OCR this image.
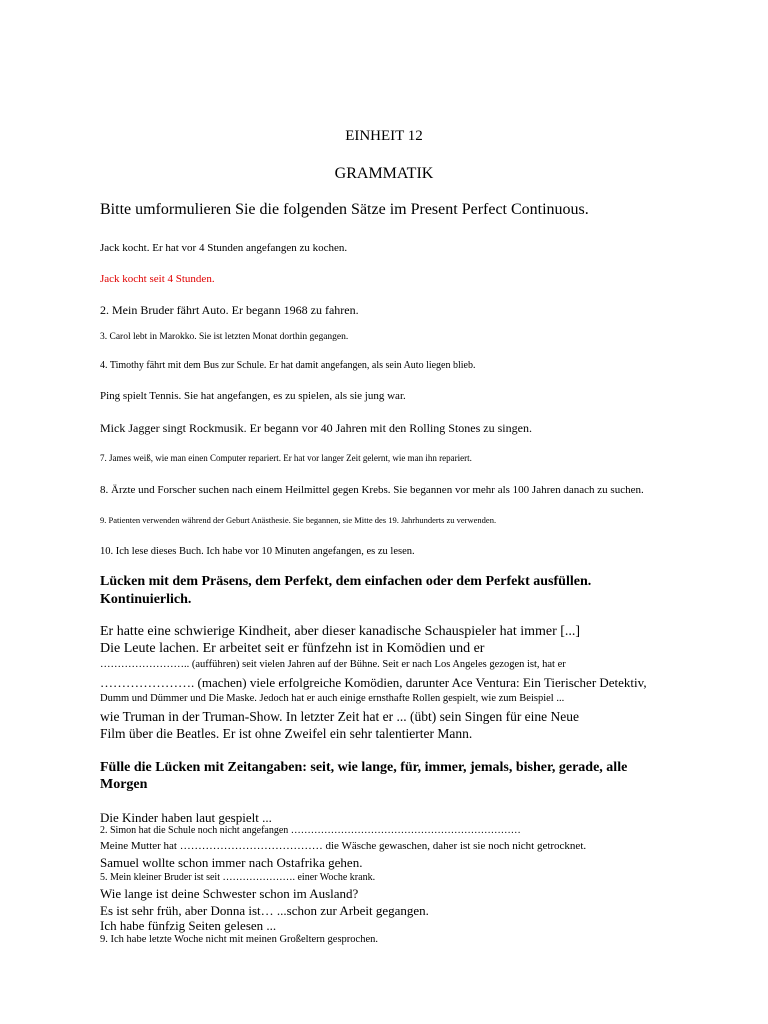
EINHEIT 12
GRAMMATIK
Bitte umformulieren Sie die folgenden Sätze im Present Perfect Continuous.
Jack kocht. Er hat vor 4 Stunden angefangen zu kochen.
Jack kocht seit 4 Stunden.
2. Mein Bruder fährt Auto. Er begann 1968 zu fahren.
3. Carol lebt in Marokko. Sie ist letzten Monat dorthin gegangen.
4. Timothy fährt mit dem Bus zur Schule. Er hat damit angefangen, als sein Auto liegen blieb.
Ping spielt Tennis. Sie hat angefangen, es zu spielen, als sie jung war.
Mick Jagger singt Rockmusik. Er begann vor 40 Jahren mit den Rolling Stones zu singen.
7. James weiß, wie man einen Computer repariert. Er hat vor langer Zeit gelernt, wie man ihn repariert.
8. Ärzte und Forscher suchen nach einem Heilmittel gegen Krebs. Sie begannen vor mehr als 100 Jahren danach zu suchen.
9. Patienten verwenden während der Geburt Anästhesie. Sie begannen, sie Mitte des 19. Jahrhunderts zu verwenden.
10. Ich lese dieses Buch. Ich habe vor 10 Minuten angefangen, es zu lesen.
Lücken mit dem Präsens, dem Perfekt, dem einfachen oder dem Perfekt ausfüllen.
Kontinuierlich.
Er hatte eine schwierige Kindheit, aber dieser kanadische Schauspieler hat immer [...]
Die Leute lachen. Er arbeitet seit er fünfzehn ist in Komödien und er
…………………….. (aufführen) seit vielen Jahren auf der Bühne. Seit er nach Los Angeles gezogen ist, hat er
…………………. (machen) viele erfolgreiche Komödien, darunter Ace Ventura: Ein Tierischer Detektiv,
Dumm und Dümmer und Die Maske. Jedoch hat er auch einige ernsthafte Rollen gespielt, wie zum Beispiel ...
wie Truman in der Truman-Show. In letzter Zeit hat er ... (übt) sein Singen für eine Neue
Film über die Beatles. Er ist ohne Zweifel ein sehr talentierter Mann.
Fülle die Lücken mit Zeitangaben: seit, wie lange, für, immer, jemals, bisher, gerade, alle
Morgen
Die Kinder haben laut gespielt ...
2. Simon hat die Schule noch nicht angefangen ……………………………………………………………
Meine Mutter hat ………………………………… die Wäsche gewaschen, daher ist sie noch nicht getrocknet.
Samuel wollte schon immer nach Ostafrika gehen.
5. Mein kleiner Bruder ist seit …………………. einer Woche krank.
Wie lange ist deine Schwester schon im Ausland?
Es ist sehr früh, aber Donna ist… ...schon zur Arbeit gegangen.
Ich habe fünfzig Seiten gelesen ...
9. Ich habe letzte Woche nicht mit meinen Großeltern gesprochen.
